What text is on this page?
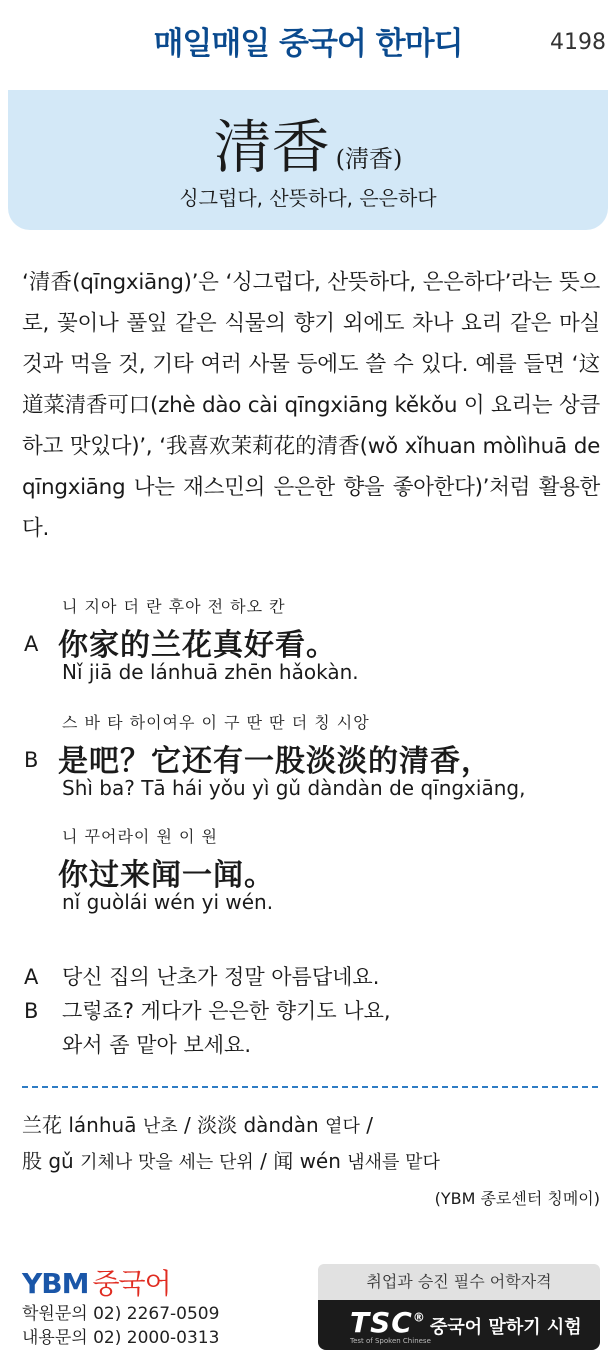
매일매일 중국어 한마디	4198
清香 (淸香)
싱그럽다, 산뜻하다, 은은하다

‘清香(qīngxiāng)’은 ‘싱그럽다, 산뜻하다, 은은하다’라는 뜻으로, 꽃이나 풀잎 같은 식물의 향기 외에도 차나 요리 같은 마실 것과 먹을 것, 기타 여러 사물 등에도 쓸 수 있다. 예를 들면 ‘这道菜清香可口(zhè dào cài qīngxiāng kěkǒu 이 요리는 상큼하고 맛있다)’, ‘我喜欢茉莉花的清香(wǒ xǐhuan mòlìhuā de qīngxiāng 나는 재스민의 은은한 향을 좋아한다)’처럼 활용한다.

니 지아 더 란 후아 전 하오 칸
A 你家的兰花真好看。
Nǐ jiā de lánhuā zhēn hǎokàn.
스 바 타 하이여우 이 구 딴 딴 더 칭 시앙
B 是吧？它还有一股淡淡的清香，
Shì ba? Tā hái yǒu yì gǔ dàndàn de qīngxiāng,
니 꾸어라이 원 이 원
你过来闻一闻。
nǐ guòlái wén yi wén.
A 당신 집의 난초가 정말 아름답네요.
B 그렇죠? 게다가 은은한 향기도 나요,
와서 좀 맡아 보세요.
兰花 lánhuā 난초 / 淡淡 dàndàn 옅다 /
股 gǔ 기체나 맛을 세는 단위 / 闻 wén 냄새를 맡다
(YBM 종로센터 칭메이)
YBM 중국어
학원문의 02) 2267-0509
내용문의 02) 2000-0313
취업과 승진 필수 어학자격
TSC®
Test of Spoken Chinese
중국어 말하기 시험
